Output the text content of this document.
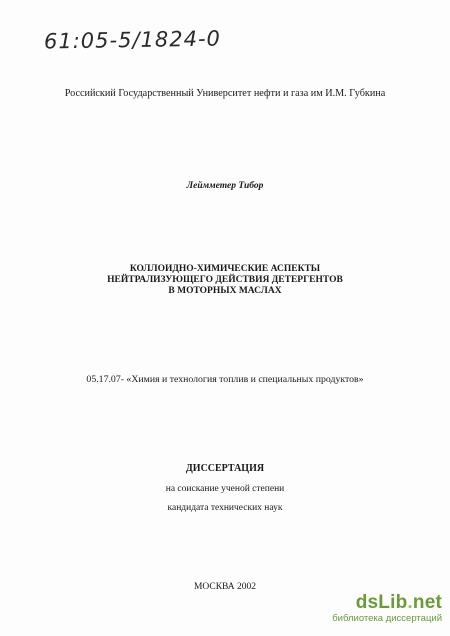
61:05-5/1824-0
Российский Государственный Университет нефти и газа им И.М. Губкина
Леймметер Тибор
КОЛЛОИДНО-ХИМИЧЕСКИЕ АСПЕКТЫ
НЕЙТРАЛИЗУЮЩЕГО ДЕЙСТВИЯ ДЕТЕРГЕНТОВ
В МОТОРНЫХ МАСЛАХ
05.17.07- «Химия и технология топлив и специальных продуктов»
ДИССЕРТАЦИЯ
на соискание ученой степени
кандидата технических наук
МОСКВА 2002
dsLib.net
библиотека диссертаций
